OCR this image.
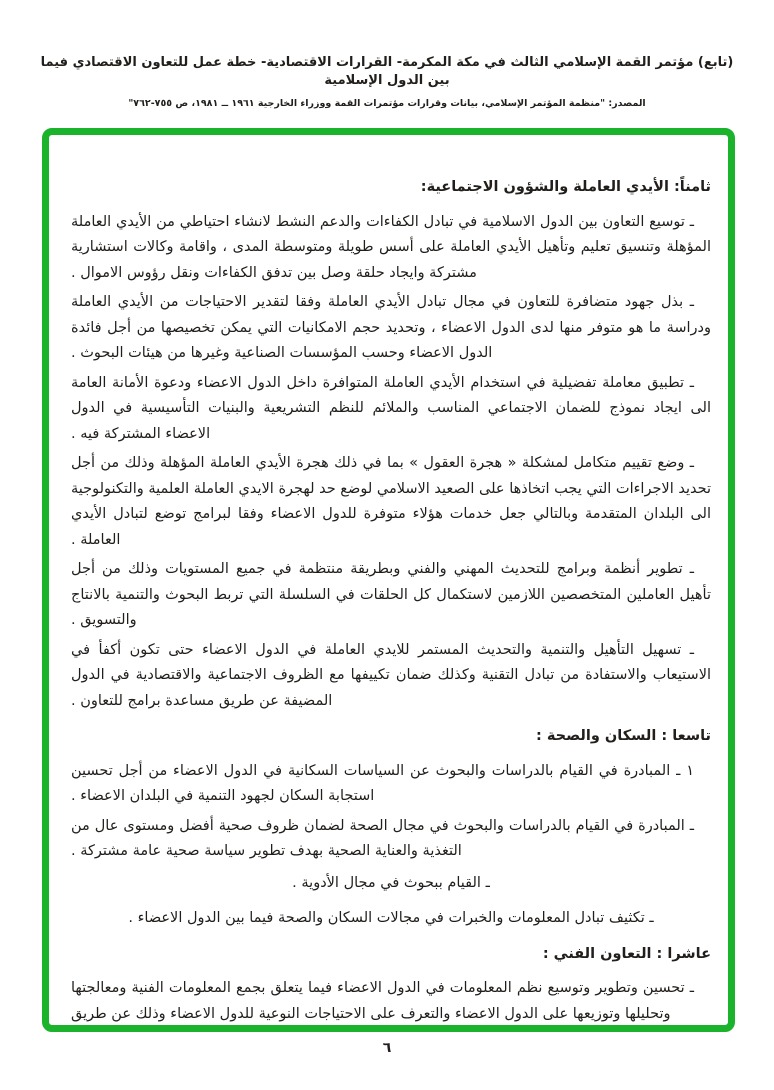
(تابع) مؤتمر القمة الإسلامي الثالث في مكة المكرمة- القرارات الاقتصادية- خطة عمل للتعاون الاقتصادي فيما بين الدول الإسلامية
المصدر: "منظمة المؤتمر الإسلامي، بيانات وقرارات مؤتمرات القمة ووزراء الخارجية ١٩٦١ ــ ١٩٨١، ص ٧٥٥-٧٦٢"
ثامناً: الأيدي العاملة والشؤون الاجتماعية:
ـ توسيع التعاون بين الدول الاسلامية في تبادل الكفاءات والدعم النشط لانشاء احتياطي من الأيدي العاملة المؤهلة وتنسيق تعليم وتأهيل الأيدي العاملة على أسس طويلة ومتوسطة المدى ، واقامة وكالات استشارية مشتركة وايجاد حلقة وصل بين تدفق الكفاءات ونقل رؤوس الاموال .
ـ بذل جهود متضافرة للتعاون في مجال تبادل الأيدي العاملة وفقا لتقدير الاحتياجات من الأيدي العاملة ودراسة ما هو متوفر منها لدى الدول الاعضاء ، وتحديد حجم الامكانيات التي يمكن تخصيصها من أجل فائدة الدول الاعضاء وحسب المؤسسات الصناعية وغيرها من هيئات البحوث .
ـ تطبيق معاملة تفضيلية في استخدام الأيدي العاملة المتوافرة داخل الدول الاعضاء ودعوة الأمانة العامة الى ايجاد نموذج للضمان الاجتماعي المناسب والملائم للنظم التشريعية والبنيات التأسيسية في الدول الاعضاء المشتركة فيه .
ـ وضع تقييم متكامل لمشكلة « هجرة العقول » بما في ذلك هجرة الأيدي العاملة المؤهلة وذلك من أجل تحديد الاجراءات التي يجب اتخاذها على الصعيد الاسلامي لوضع حد لهجرة الايدي العاملة العلمية والتكنولوجية الى البلدان المتقدمة وبالتالي جعل خدمات هؤلاء متوفرة للدول الاعضاء وفقا لبرامج توضع لتبادل الأيدي العاملة .
ـ تطوير أنظمة وبرامج للتحديث المهني والفني وبطريقة منتظمة في جميع المستويات وذلك من أجل تأهيل العاملين المتخصصين اللازمين لاستكمال كل الحلقات في السلسلة التي تربط البحوث والتنمية بالانتاج والتسويق .
ـ تسهيل التأهيل والتنمية والتحديث المستمر للايدي العاملة في الدول الاعضاء حتى تكون أكفأ في الاستيعاب والاستفادة من تبادل التقنية وكذلك ضمان تكييفها مع الظروف الاجتماعية والاقتصادية في الدول المضيفة عن طريق مساعدة برامج للتعاون .
تاسعا : السكان والصحة :
١ ـ المبادرة في القيام بالدراسات والبحوث عن السياسات السكانية في الدول الاعضاء من أجل تحسين استجابة السكان لجهود التنمية في البلدان الاعضاء .
ـ المبادرة في القيام بالدراسات والبحوث في مجال الصحة لضمان ظروف صحية أفضل ومستوى عال من التغذية والعناية الصحية بهدف تطوير سياسة صحية عامة مشتركة .
ـ القيام ببحوث في مجال الأدوية .
ـ تكثيف تبادل المعلومات والخبرات في مجالات السكان والصحة فيما بين الدول الاعضاء .
عاشرا : التعاون الفني :
ـ تحسين وتطوير وتوسيع نظم المعلومات في الدول الاعضاء فيما يتعلق بجمع المعلومات الفنية ومعالجتها وتحليلها وتوزيعها على الدول الاعضاء والتعرف على الاحتياجات النوعية للدول الاعضاء وذلك عن طريق
٦
